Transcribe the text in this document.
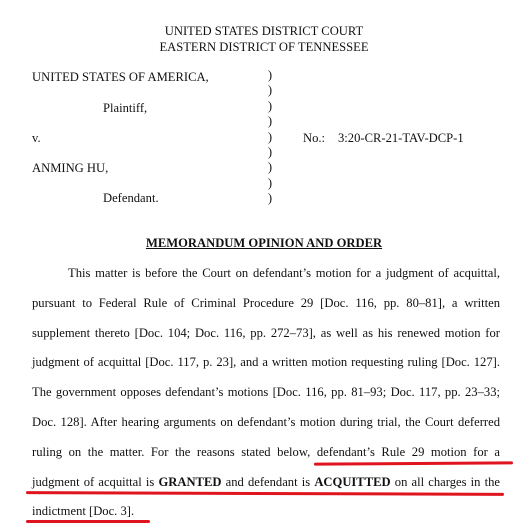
UNITED STATES DISTRICT COURT
EASTERN DISTRICT OF TENNESSEE
UNITED STATES OF AMERICA,
Plaintiff,
v.
ANMING HU,
Defendant.
)
)
)
)
)
)
)
)
)
No.: 3:20-CR-21-TAV-DCP-1
MEMORANDUM OPINION AND ORDER
This matter is before the Court on defendant’s motion for a judgment of acquittal,
pursuant to Federal Rule of Criminal Procedure 29 [Doc. 116, pp. 80–81], a written
supplement thereto [Doc. 104; Doc. 116, pp. 272–73], as well as his renewed motion for
judgment of acquittal [Doc. 117, p. 23], and a written motion requesting ruling [Doc. 127].
The government opposes defendant’s motions [Doc. 116, pp. 81–93; Doc. 117, pp. 23–33;
Doc. 128]. After hearing arguments on defendant’s motion during trial, the Court deferred
ruling on the matter. For the reasons stated below, defendant’s Rule 29 motion for a
judgment of acquittal is GRANTED and defendant is ACQUITTED on all charges in the
indictment [Doc. 3].
